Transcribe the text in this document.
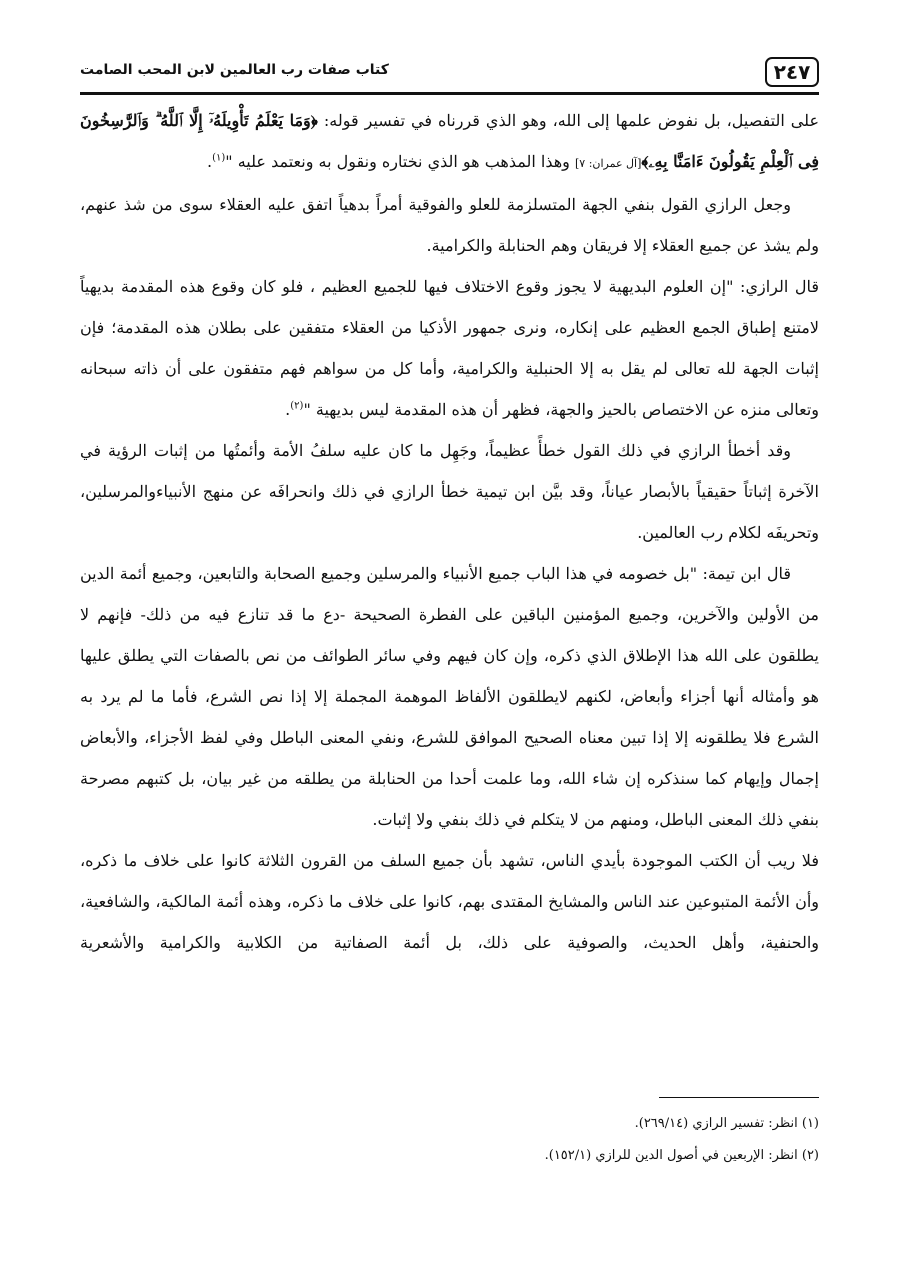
٢٤٧
كتاب صفات رب العالمين لابن المحب الصامت

على التفصيل، بل نفوض علمها إلى الله، وهو الذي قررناه في تفسير قوله: ﴿وَمَا يَعْلَمُ تَأْوِيلَهُۥٓ إِلَّا ٱللَّهُ ۗ وَٱلرَّٰسِخُونَ فِى ٱلْعِلْمِ يَقُولُونَ ءَامَنَّا بِهِۦ﴾[آل عمران: ٧] وهذا المذهب هو الذي نختاره ونقول به ونعتمد عليه "$^{(١)}$.

وجعل الرازي القول بنفي الجهة المتسلزمة للعلو والفوقية أمراً بدهياً اتفق عليه العقلاء سوى من شذ عنهم، ولم يشذ عن جميع العقلاء إلا فريقان وهم الحنابلة والكرامية.

قال الرازي: "إن العلوم البديهية لا يجوز وقوع الاختلاف فيها للجميع العظيم ، فلو كان وقوع هذه المقدمة بديهياً لامتنع إطباق الجمع العظيم على إنكاره، ونرى جمهور الأذكيا من العقلاء متفقين على بطلان هذه المقدمة؛ فإن إثبات الجهة لله تعالى لم يقل به إلا الحنبلية والكرامية، وأما كل من سواهم فهم متفقون على أن ذاته سبحانه وتعالى منزه عن الاختصاص بالحيز والجهة، فظهر أن هذه المقدمة ليس بديهية "$^{(٢)}$.

وقد أخطأ الرازي في ذلك القول خطأً عظيماً، وجَهِل ما كان عليه سلفُ الأمة وأئمتُها من إثبات الرؤية في الآخرة إثباتاً حقيقياً بالأبصار عياناً، وقد بيَّن ابن تيمية خطأ الرازي في ذلك وانحرافَه عن منهج الأنبياءوالمرسلين، وتحريفَه لكلام رب العالمين.

قال ابن تيمة: "بل خصومه في هذا الباب جميع الأنبياء والمرسلين وجميع الصحابة والتابعين، وجميع أئمة الدين من الأولين والآخرين، وجميع المؤمنين الباقين على الفطرة الصحيحة -دع ما قد تنازع فيه من ذلك- فإنهم لا يطلقون على الله هذا الإطلاق الذي ذكره، وإن كان فيهم وفي سائر الطوائف من نص بالصفات التي يطلق عليها هو وأمثاله أنها أجزاء وأبعاض، لكنهم لايطلقون الألفاظ الموهمة المجملة إلا إذا نص الشرع، فأما ما لم يرد به الشرع فلا يطلقونه إلا إذا تبين معناه الصحيح الموافق للشرع، ونفي المعنى الباطل وفي لفظ الأجزاء، والأبعاض إجمال وإيهام كما سنذكره إن شاء الله، وما علمت أحدا من الحنابلة من يطلقه من غير بيان، بل كتبهم مصرحة بنفي ذلك المعنى الباطل، ومنهم من لا يتكلم في ذلك بنفي ولا إثبات.

فلا ريب أن الكتب الموجودة بأيدي الناس، تشهد بأن جميع السلف من القرون الثلاثة كانوا على خلاف ما ذكره، وأن الأئمة المتبوعين عند الناس والمشايخ المقتدى بهم، كانوا على خلاف ما ذكره، وهذه أئمة المالكية، والشافعية، والحنفية، وأهل الحديث، والصوفية على ذلك، بل أئمة الصفاتية من الكلابية والكرامية والأشعرية

(١) انظر: تفسير الرازي (٢٦٩/١٤).

(٢) انظر: الإربعين في أصول الدين للرازي (١٥٢/١).
